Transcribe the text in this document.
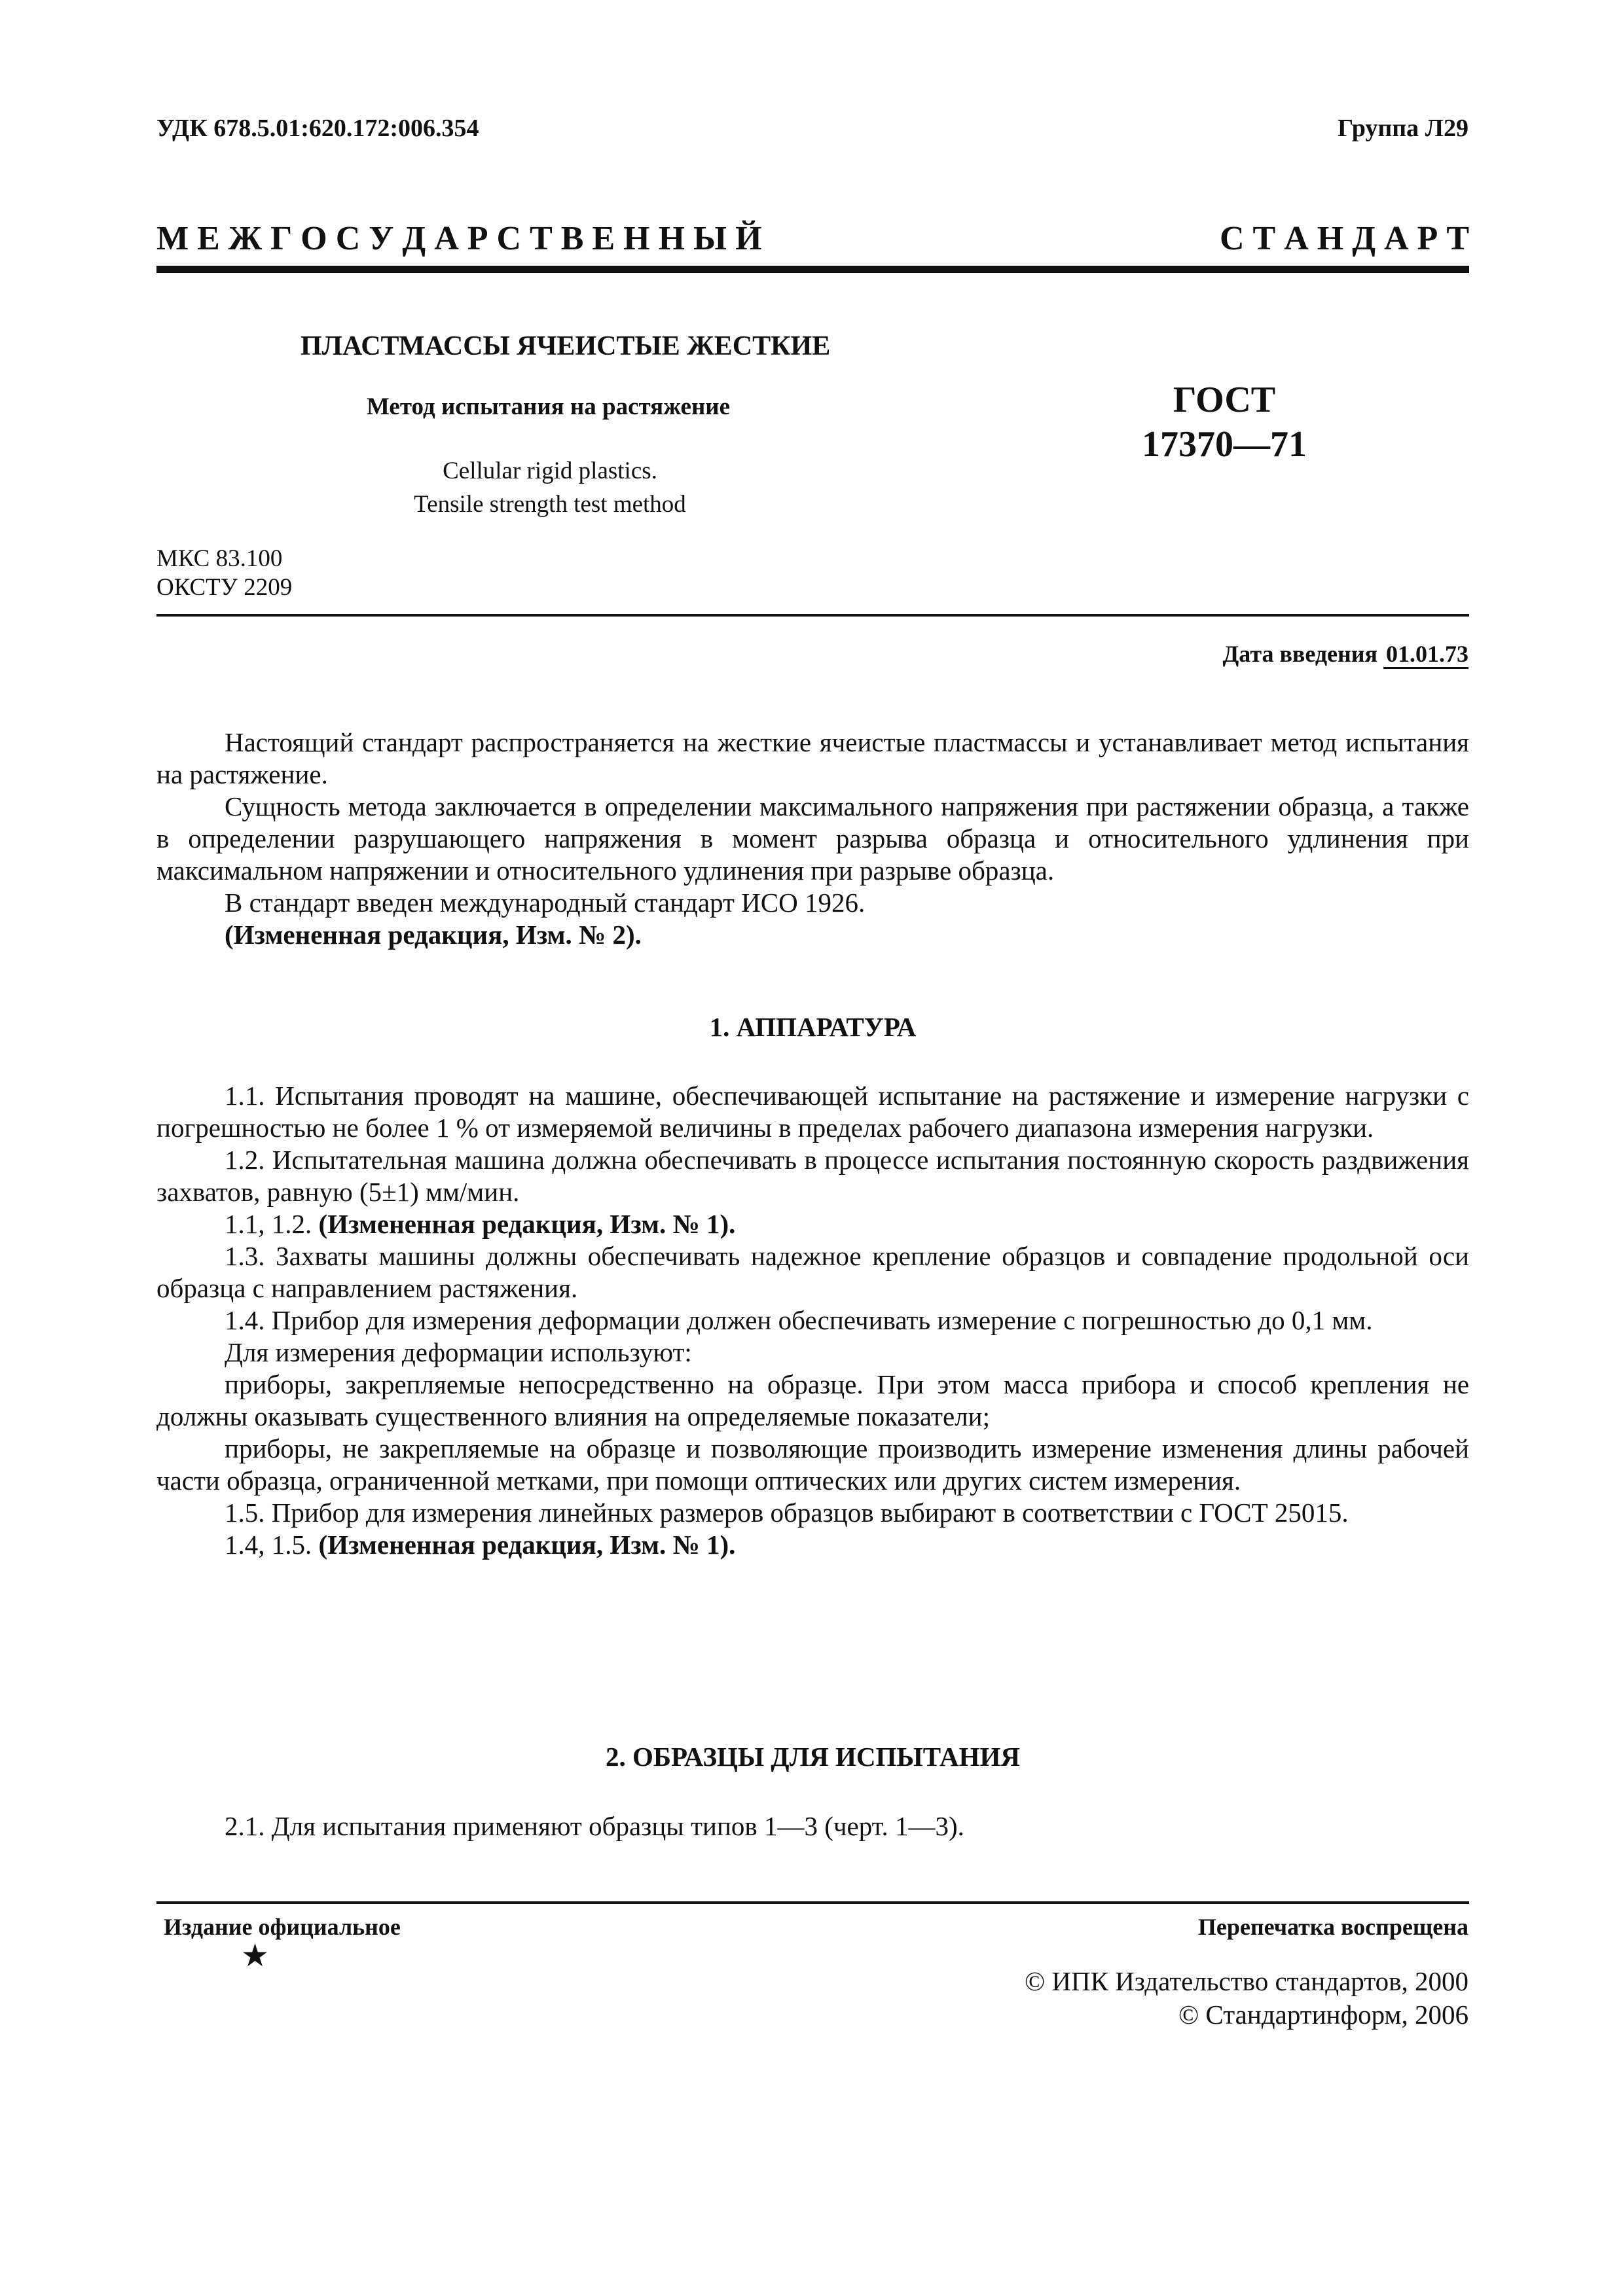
УДК 678.5.01:620.172:006.354	Группа Л29
М Е Ж Г О С У Д А Р С Т В Е Н Н Ы Й	С Т А Н Д А Р Т
ПЛАСТМАССЫ ЯЧЕИСТЫЕ ЖЕСТКИЕ
Метод испытания на растяжение
Cellular rigid plastics.
Tensile strength test method
ГОСТ
17370—71
МКС 83.100
ОКСТУ 2209
Дата введения 01.01.73

Настоящий стандарт распространяется на жесткие ячеистые пластмассы и устанавливает метод испытания на растяжение.

Сущность метода заключается в определении максимального напряжения при растяжении образца, а также в определении разрушающего напряжения в момент разрыва образца и относительного удлинения при максимальном напряжении и относительного удлинения при разрыве образца.

В стандарт введен международный стандарт ИСО 1926.

(Измененная редакция, Изм. № 2).

1. АППАРАТУРА

1.1. Испытания проводят на машине, обеспечивающей испытание на растяжение и измерение нагрузки с погрешностью не более 1 % от измеряемой величины в пределах рабочего диапазона измерения нагрузки.

1.2. Испытательная машина должна обеспечивать в процессе испытания постоянную скорость раздвижения захватов, равную (5±1) мм/мин.

1.1, 1.2. (Измененная редакция, Изм. № 1).

1.3. Захваты машины должны обеспечивать надежное крепление образцов и совпадение продольной оси образца с направлением растяжения.

1.4. Прибор для измерения деформации должен обеспечивать измерение с погрешностью до 0,1 мм.

Для измерения деформации используют:

приборы, закрепляемые непосредственно на образце. При этом масса прибора и способ крепления не должны оказывать существенного влияния на определяемые показатели;

приборы, не закрепляемые на образце и позволяющие производить измерение изменения длины рабочей части образца, ограниченной метками, при помощи оптических или других систем измерения.

1.5. Прибор для измерения линейных размеров образцов выбирают в соответствии с ГОСТ 25015.

1.4, 1.5. (Измененная редакция, Изм. № 1).

2. ОБРАЗЦЫ ДЛЯ ИСПЫТАНИЯ

2.1. Для испытания применяют образцы типов 1—3 (черт. 1—3).

Издание официальное
★
Перепечатка воспрещена
© ИПК Издательство стандартов, 2000
© Стандартинформ, 2006
